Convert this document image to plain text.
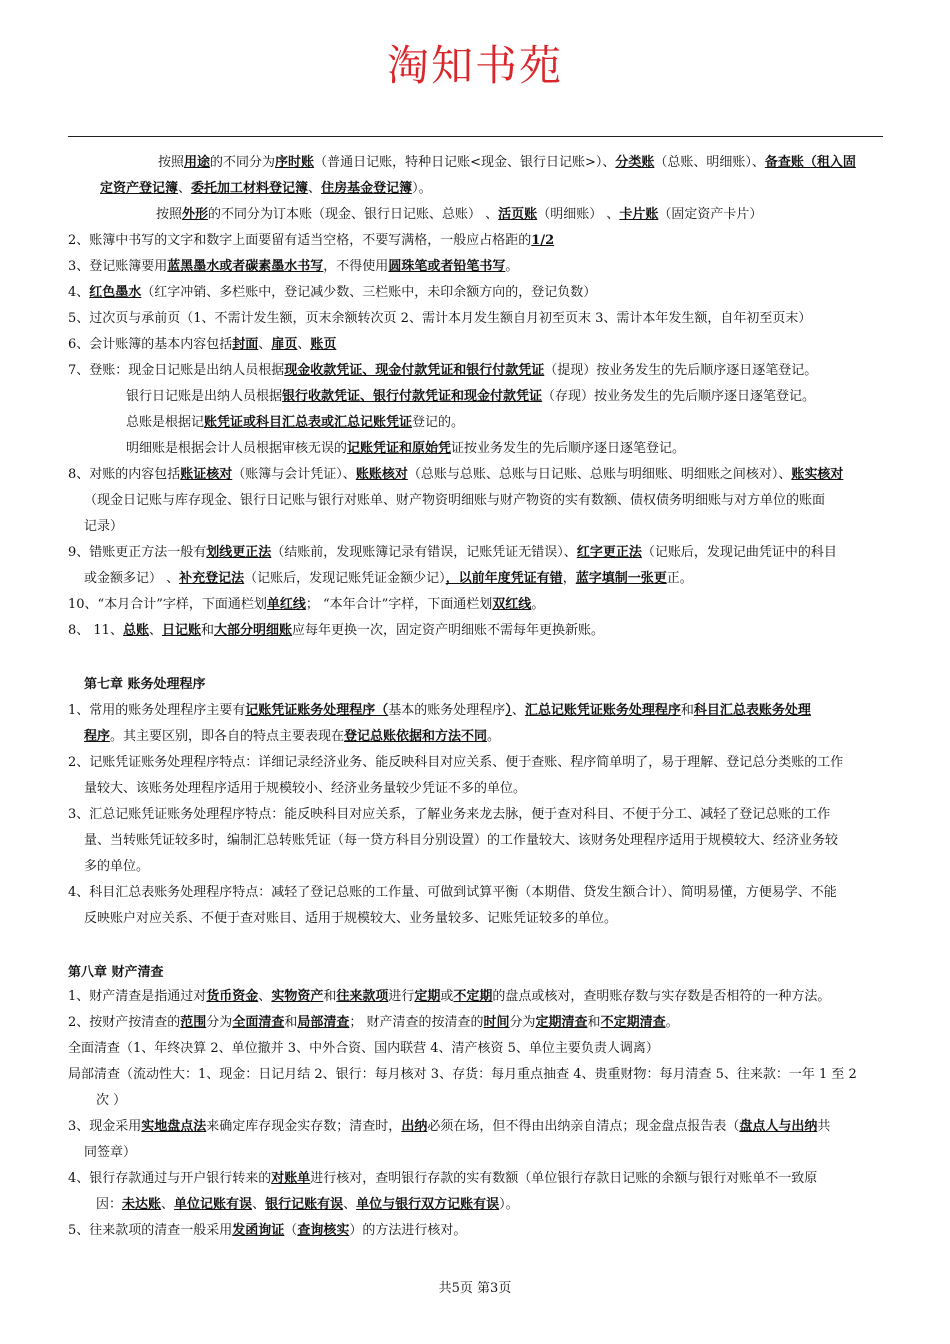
淘知书苑
按照用途的不同分为序时账（普通日记账，特种日记账<现金、银行日记账>）、分类账（总账、明细账）、备查账（租入固
定资产登记簿、委托加工材料登记簿、住房基金登记簿）。
按照外形的不同分为订本账（现金、银行日记账、总账） 、活页账（明细账） 、卡片账（固定资产卡片）
2、账簿中书写的文字和数字上面要留有适当空格，不要写满格，一般应占格距的1/2
3、登记账簿要用蓝黑墨水或者碳素墨水书写，不得使用圆珠笔或者铅笔书写。
4、红色墨水（红字冲销、多栏账中，登记减少数、三栏账中，未印余额方向的，登记负数）
5、过次页与承前页（1、不需计发生额，页末余额转次页 2、需计本月发生额自月初至页末 3、需计本年发生额，自年初至页末）
6、会计账簿的基本内容包括封面、扉页、账页
7、登账：现金日记账是出纳人员根据现金收款凭证、现金付款凭证和银行付款凭证（提现）按业务发生的先后顺序逐日逐笔登记。
银行日记账是出纳人员根据银行收款凭证、银行付款凭证和现金付款凭证（存现）按业务发生的先后顺序逐日逐笔登记。
总账是根据记账凭证或科目汇总表或汇总记账凭证登记的。
明细账是根据会计人员根据审核无误的记账凭证和原始凭证按业务发生的先后顺序逐日逐笔登记。
8、对账的内容包括账证核对（账簿与会计凭证）、账账核对（总账与总账、总账与日记账、总账与明细账、明细账之间核对）、账实核对
（现金日记账与库存现金、银行日记账与银行对账单、财产物资明细账与财产物资的实有数额、债权债务明细账与对方单位的账面
记录）
9、错账更正方法一般有划线更正法（结账前，发现账簿记录有错误，记账凭证无错误）、红字更正法（记账后，发现记曲凭证中的科目
或金额多记） 、补充登记法（记账后，发现记账凭证金额少记），以前年度凭证有错，蓝字填制一张更正。
10、“本月合计”字样，下面通栏划单红线； “本年合计”字样，下面通栏划双红线。
8、 11、总账、日记账和大部分明细账应每年更换一次，固定资产明细账不需每年更换新账。
第七章 账务处理程序
1、常用的账务处理程序主要有记账凭证账务处理程序（基本的账务处理程序）、汇总记账凭证账务处理程序和科目汇总表账务处理
程序。其主要区别，即各自的特点主要表现在登记总账依据和方法不同。
2、记账凭证账务处理程序特点：详细记录经济业务、能反映科目对应关系、便于查账、程序简单明了，易于理解、登记总分类账的工作
量较大、该账务处理程序适用于规模较小、经济业务量较少凭证不多的单位。
3、汇总记账凭证账务处理程序特点：能反映科目对应关系，了解业务来龙去脉，便于查对科目、不便于分工、减轻了登记总账的工作
量、当转账凭证较多时，编制汇总转账凭证（每一贷方科目分别设置）的工作量较大、该财务处理程序适用于规模较大、经济业务较
多的单位。
4、科目汇总表账务处理程序特点：减轻了登记总账的工作量、可做到试算平衡（本期借、贷发生额合计）、简明易懂，方便易学、不能
反映账户对应关系、不便于查对账目、适用于规模较大、业务量较多、记账凭证较多的单位。
第八章 财产清查
1、财产清查是指通过对货币资金、实物资产和往来款项进行定期或不定期的盘点或核对，查明账存数与实存数是否相符的一种方法。
2、按财产按清查的范围分为全面清查和局部清查； 财产清查的按清查的时间分为定期清查和不定期清查。
全面清查（1、年终决算 2、单位撤并 3、中外合资、国内联营 4、清产核资 5、单位主要负责人调离）
局部清查（流动性大：1、现金：日记月结 2、银行：每月核对 3、存货：每月重点抽查 4、贵重财物：每月清查 5、往来款：一年 1 至 2
次 ）
3、现金采用实地盘点法来确定库存现金实存数；清查时，出纳必须在场，但不得由出纳亲自清点；现金盘点报告表（盘点人与出纳共
同签章）
4、银行存款通过与开户银行转来的对账单进行核对，查明银行存款的实有数额（单位银行存款日记账的余额与银行对账单不一致原
因：未达账、单位记账有误、银行记账有误、单位与银行双方记账有误）。
5、往来款项的清查一般采用发函询证（查询核实）的方法进行核对。
共5页 第3页
